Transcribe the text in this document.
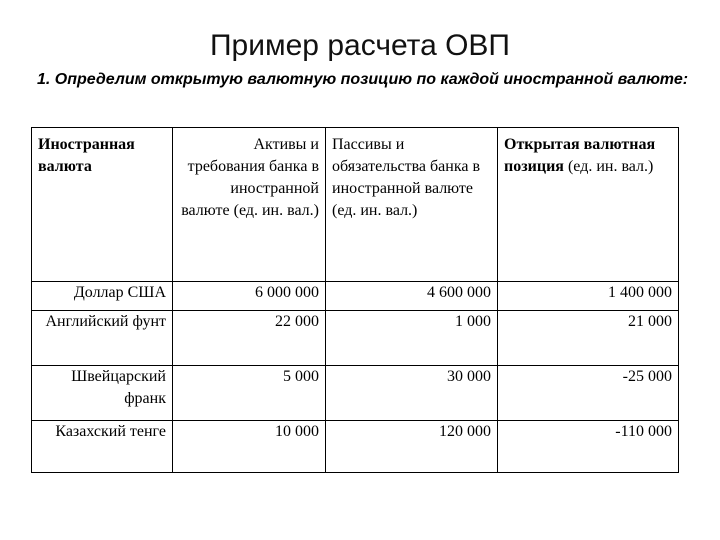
Пример расчета ОВП
1. Определим открытую валютную позицию по каждой иностранной валюте:
Иностранная валюта	Активы и требования банка в иностранной валюте (ед. ин. вал.)	Пассивы и обязательства банка в иностранной валюте (ед. ин. вал.)	Открытая валютная позиция (ед. ин. вал.)
Доллар США	6 000 000	4 600 000	1 400 000
Английский фунт	22 000	1 000	21 000
Швейцарский франк	5 000	30 000	-25 000
Казахский тенге	10 000	120 000	-110 000
